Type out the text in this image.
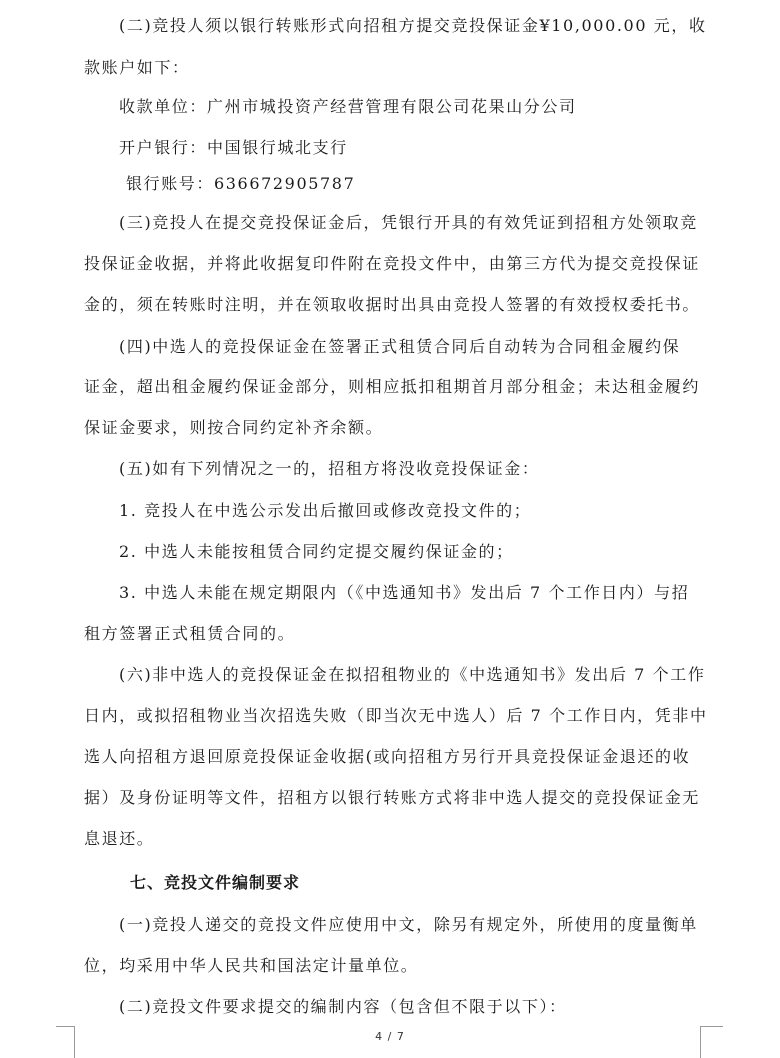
(二)竞投人须以银行转账形式向招租方提交竞投保证金¥10,000.00 元，收
款账户如下：
收款单位：广州市城投资产经营管理有限公司花果山分公司
开户银行：中国银行城北支行
银行账号：636672905787
(三)竞投人在提交竞投保证金后，凭银行开具的有效凭证到招租方处领取竞
投保证金收据，并将此收据复印件附在竞投文件中，由第三方代为提交竞投保证
金的，须在转账时注明，并在领取收据时出具由竞投人签署的有效授权委托书。
(四)中选人的竞投保证金在签署正式租赁合同后自动转为合同租金履约保
证金，超出租金履约保证金部分，则相应抵扣租期首月部分租金；未达租金履约
保证金要求，则按合同约定补齐余额。
(五)如有下列情况之一的，招租方将没收竞投保证金：
1. 竞投人在中选公示发出后撤回或修改竞投文件的；
2. 中选人未能按租赁合同约定提交履约保证金的；
3. 中选人未能在规定期限内（《中选通知书》发出后 7 个工作日内）与招
租方签署正式租赁合同的。
(六)非中选人的竞投保证金在拟招租物业的《中选通知书》发出后 7 个工作
日内，或拟招租物业当次招选失败（即当次无中选人）后 7 个工作日内，凭非中
选人向招租方退回原竞投保证金收据(或向招租方另行开具竞投保证金退还的收
据）及身份证明等文件，招租方以银行转账方式将非中选人提交的竞投保证金无
息退还。
七、竞投文件编制要求
(一)竞投人递交的竞投文件应使用中文，除另有规定外，所使用的度量衡单
位，均采用中华人民共和国法定计量单位。
(二)竞投文件要求提交的编制内容（包含但不限于以下）：
4 / 7
